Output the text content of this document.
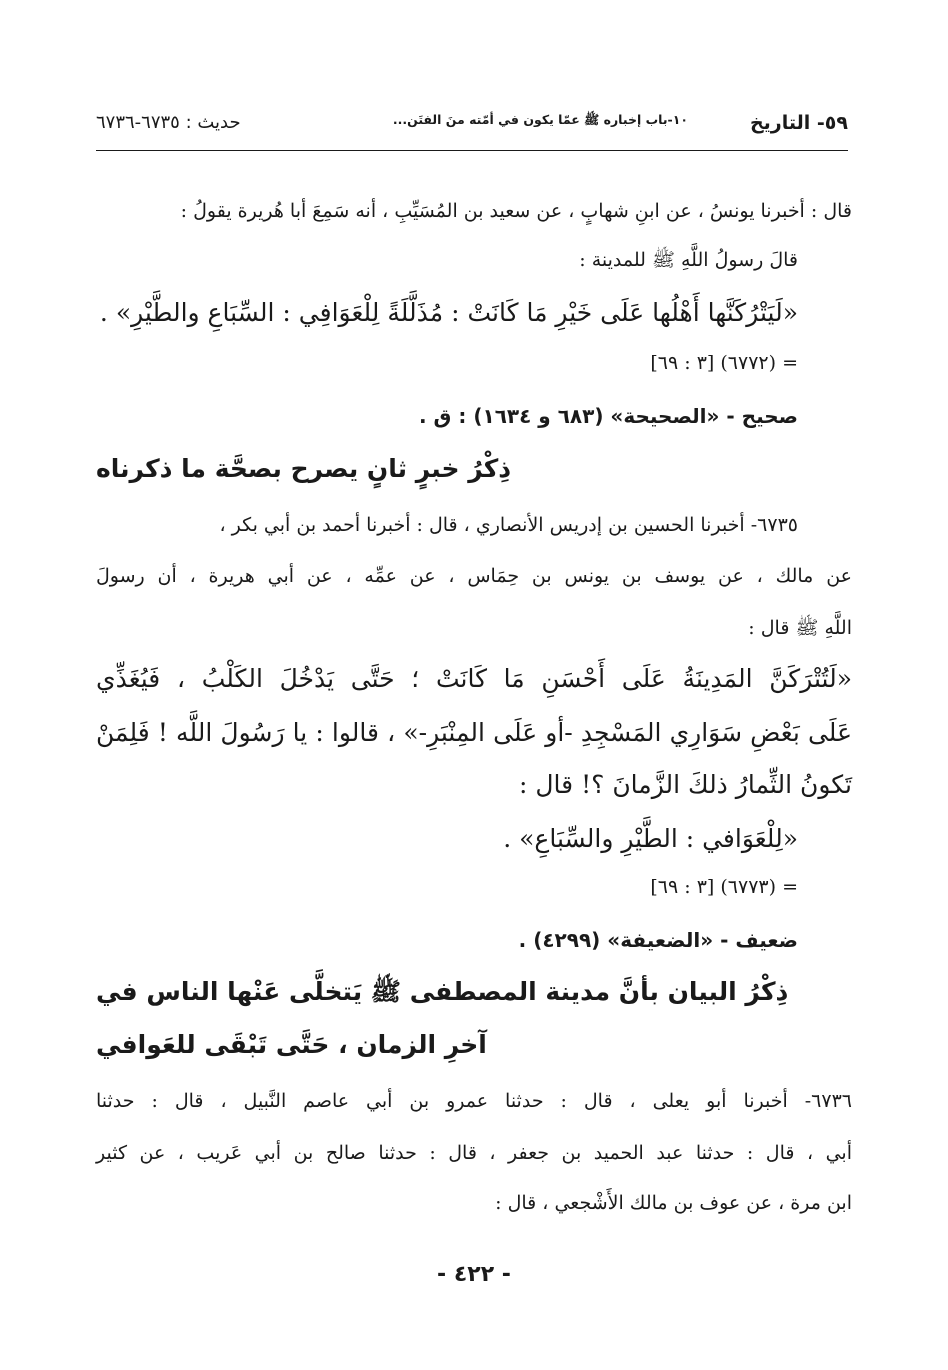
٥٩- التاريخ
١٠-باب إخباره ﷺ عمّا يكون في أمّته منَ الفتَن...
حديث : ٦٧٣٥-٦٧٣٦
قال : أخبرنا يونسُ ، عن ابنِ شهابٍ ، عن سعيد بن المُسَيِّبِ ، أنه سَمِعَ أبا هُريرة يقولُ :
قالَ رسولُ اللَّهِ ﷺ للمدينة :
«لَيَتْرُكَنَّها أَهْلُها عَلَى خَيْرِ مَا كَانَتْ : مُذَلَّلَةً لِلْعَوَافِي : السِّبَاعِ والطَّيْرِ» .
= (٦٧٧٢) [٣ : ٦٩]
صحيح - «الصحيحة» (٦٨٣ و ١٦٣٤) : ق .
ذِكْرُ خبرٍ ثانٍ يصرح بصحَّة ما ذكرناه
٦٧٣٥- أخبرنا الحسين بن إدريس الأنصاري ، قال : أخبرنا أحمد بن أبي بكر ،
عن مالك ، عن يوسف بن يونس بن حِمَاس ، عن عمِّه ، عن أبي هريرة ، أن رسولَ
اللَّهِ ﷺ قال :
«لَتُتْرَكَنَّ المَدِينَةُ عَلَى أَحْسَنِ مَا كَانَتْ ؛ حَتَّى يَدْخُلَ الكَلْبُ ، فَيُغَذِّي
عَلَى بَعْضِ سَوَارِي المَسْجِدِ -أو عَلَى المِنْبَرِ-» ، قالوا : يا رَسُولَ اللَّه ! فَلِمَنْ
تَكونُ الثِّمارُ ذلكَ الزَّمانَ ؟! قال :
«لِلْعَوَافي : الطَّيْرِ والسِّبَاعِ» .
= (٦٧٧٣) [٣ : ٦٩]
ضعيف - «الضعيفة» (٤٢٩٩) .
ذِكْرُ البيان بأنَّ مدينة المصطفى ﷺ يَتخلَّى عَنْها الناس في
آخرِ الزمان ، حَتَّى تَبْقَى للعَوافي
٦٧٣٦- أخبرنا أبو يعلى ، قال : حدثنا عمرو بن أبي عاصم النَّبيل ، قال : حدثنا
أبي ، قال : حدثنا عبد الحميد بن جعفر ، قال : حدثنا صالح بن أبي عَريب ، عن كثير
ابن مرة ، عن عوف بن مالك الأَشْجعي ، قال :
- ٤٢٢ -
